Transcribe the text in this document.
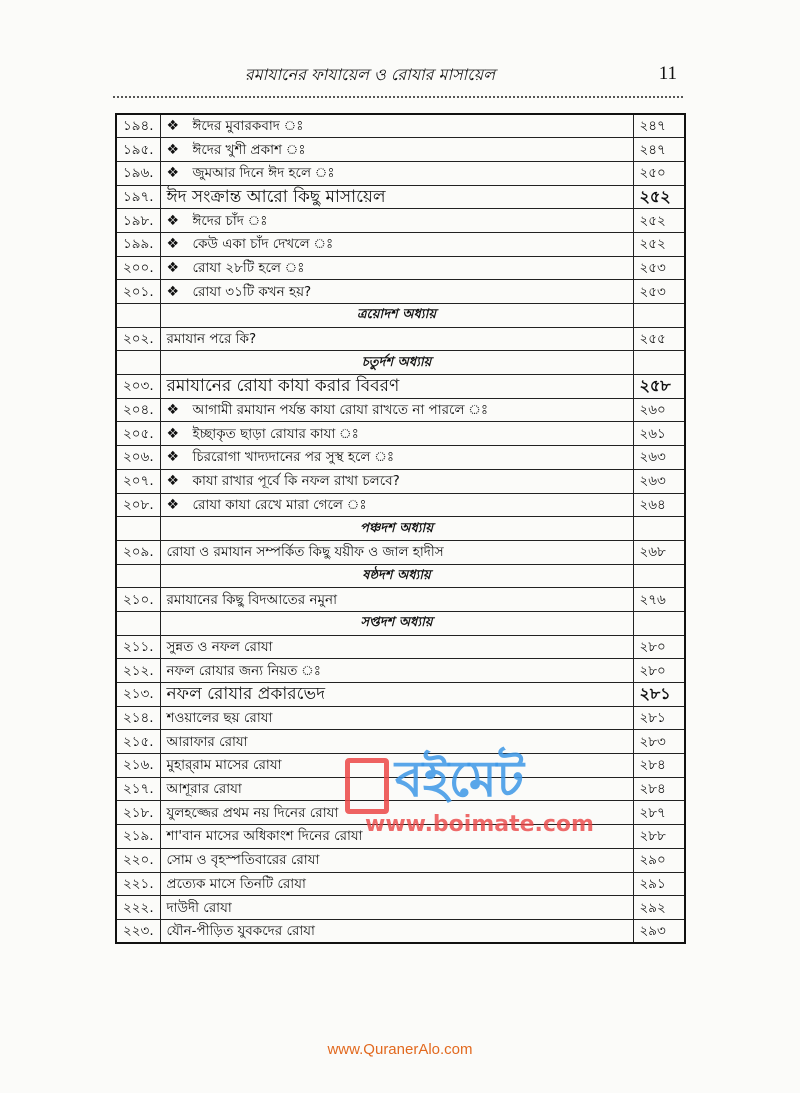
রমাযানের ফাযায়েল ও রোযার মাসায়েল	11
১৯৪.	❖ ঈদের মুবারকবাদ ঃ	২৪৭
১৯৫.	❖ ঈদের খুশী প্রকাশ ঃ	২৪৭
১৯৬.	❖ জুমআর দিনে ঈদ হলে ঃ	২৫০
১৯৭.	ঈদ সংক্রান্ত আরো কিছু মাসায়েল	২৫২
১৯৮.	❖ ঈদের চাঁদ ঃ	২৫২
১৯৯.	❖ কেউ একা চাঁদ দেখলে ঃ	২৫২
২০০.	❖ রোযা ২৮টি হলে ঃ	২৫৩
২০১.	❖ রোযা ৩১টি কখন হয়?	২৫৩
	ত্রয়োদশ অধ্যায়	
২০২.	রমাযান পরে কি?	২৫৫
	চতুর্দশ অধ্যায়	
২০৩.	রমাযানের রোযা কাযা করার বিবরণ	২৫৮
২০৪.	❖ আগামী রমাযান পর্যন্ত কাযা রোযা রাখতে না পারলে ঃ	২৬০
২০৫.	❖ ইচ্ছাকৃত ছাড়া রোযার কাযা ঃ	২৬১
২০৬.	❖ চিররোগা খাদ্যদানের পর সুস্থ হলে ঃ	২৬৩
২০৭.	❖ কাযা রাখার পূর্বে কি নফল রাখা চলবে?	২৬৩
২০৮.	❖ রোযা কাযা রেখে মারা গেলে ঃ	২৬৪
	পঞ্চদশ অধ্যায়	
২০৯.	রোযা ও রমাযান সম্পর্কিত কিছু যয়ীফ ও জাল হাদীস	২৬৮
	ষষ্ঠদশ অধ্যায়	
২১০.	রমাযানের কিছু বিদআতের নমুনা	২৭৬
	সপ্তদশ অধ্যায়	
২১১.	সুন্নত ও নফল রোযা	২৮০
২১২.	নফল রোযার জন্য নিয়ত ঃ	২৮০
২১৩.	নফল রোযার প্রকারভেদ	২৮১
২১৪.	শওয়ালের ছয় রোযা	২৮১
২১৫.	আরাফার রোযা	২৮৩
২১৬.	মুহার্‌রাম মাসের রোযা	২৮৪
২১৭.	আশূরার রোযা	২৮৪
২১৮.	যুলহজ্জের প্রথম নয় দিনের রোযা	২৮৭
২১৯.	শা'বান মাসের অধিকাংশ দিনের রোযা	২৮৮
২২০.	সোম ও বৃহস্পতিবারের রোযা	২৯০
২২১.	প্রত্যেক মাসে তিনটি রোযা	২৯১
২২২.	দাউদী রোযা	২৯২
২২৩.	যৌন-পীড়িত যুবকদের রোযা	২৯৩
বইমেট
www.boimate.com
www.QuranerAlo.com
